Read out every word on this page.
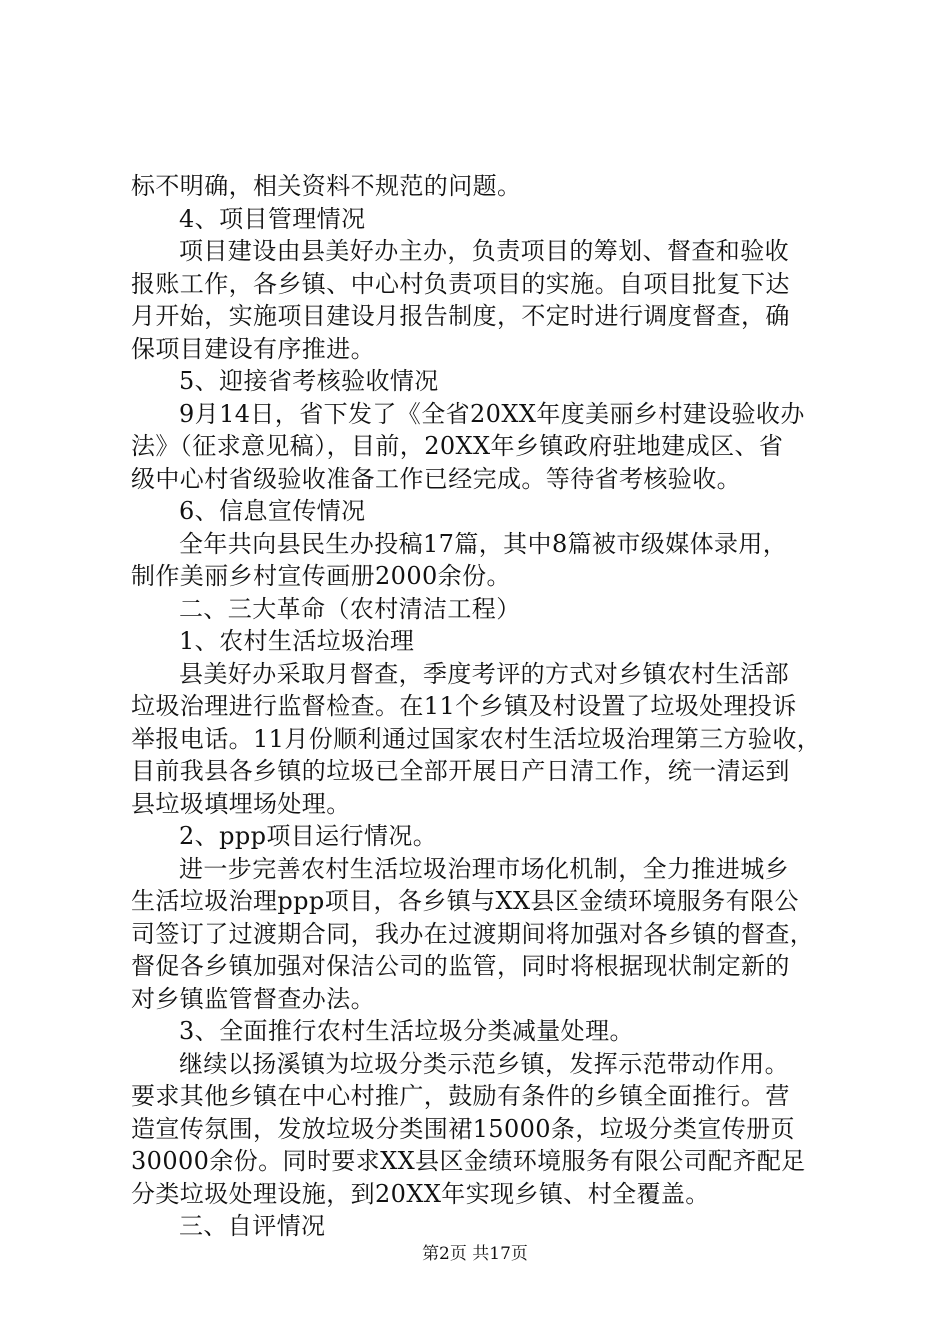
标不明确，相关资料不规范的问题。
4、项目管理情况
项目建设由县美好办主办，负责项目的筹划、督查和验收
报账工作，各乡镇、中心村负责项目的实施。自项目批复下达
月开始，实施项目建设月报告制度，不定时进行调度督查，确
保项目建设有序推进。
5、迎接省考核验收情况
9月14日，省下发了《全省20XX年度美丽乡村建设验收办
法》（征求意见稿），目前，20XX年乡镇政府驻地建成区、省
级中心村省级验收准备工作已经完成。等待省考核验收。
6、信息宣传情况
全年共向县民生办投稿17篇，其中8篇被市级媒体录用，
制作美丽乡村宣传画册2000余份。
二、三大革命（农村清洁工程）
1、农村生活垃圾治理
县美好办采取月督查，季度考评的方式对乡镇农村生活部
垃圾治理进行监督检查。在11个乡镇及村设置了垃圾处理投诉
举报电话。11月份顺利通过国家农村生活垃圾治理第三方验收，
目前我县各乡镇的垃圾已全部开展日产日清工作，统一清运到
县垃圾填埋场处理。
2、ppp项目运行情况。
进一步完善农村生活垃圾治理市场化机制，全力推进城乡
生活垃圾治理ppp项目，各乡镇与XX县区金绩环境服务有限公
司签订了过渡期合同，我办在过渡期间将加强对各乡镇的督查，
督促各乡镇加强对保洁公司的监管，同时将根据现状制定新的
对乡镇监管督查办法。
3、全面推行农村生活垃圾分类减量处理。
继续以扬溪镇为垃圾分类示范乡镇，发挥示范带动作用。
要求其他乡镇在中心村推广，鼓励有条件的乡镇全面推行。营
造宣传氛围，发放垃圾分类围裙15000条，垃圾分类宣传册页
30000余份。同时要求XX县区金绩环境服务有限公司配齐配足
分类垃圾处理设施，到20XX年实现乡镇、村全覆盖。
三、自评情况
第2页 共17页
